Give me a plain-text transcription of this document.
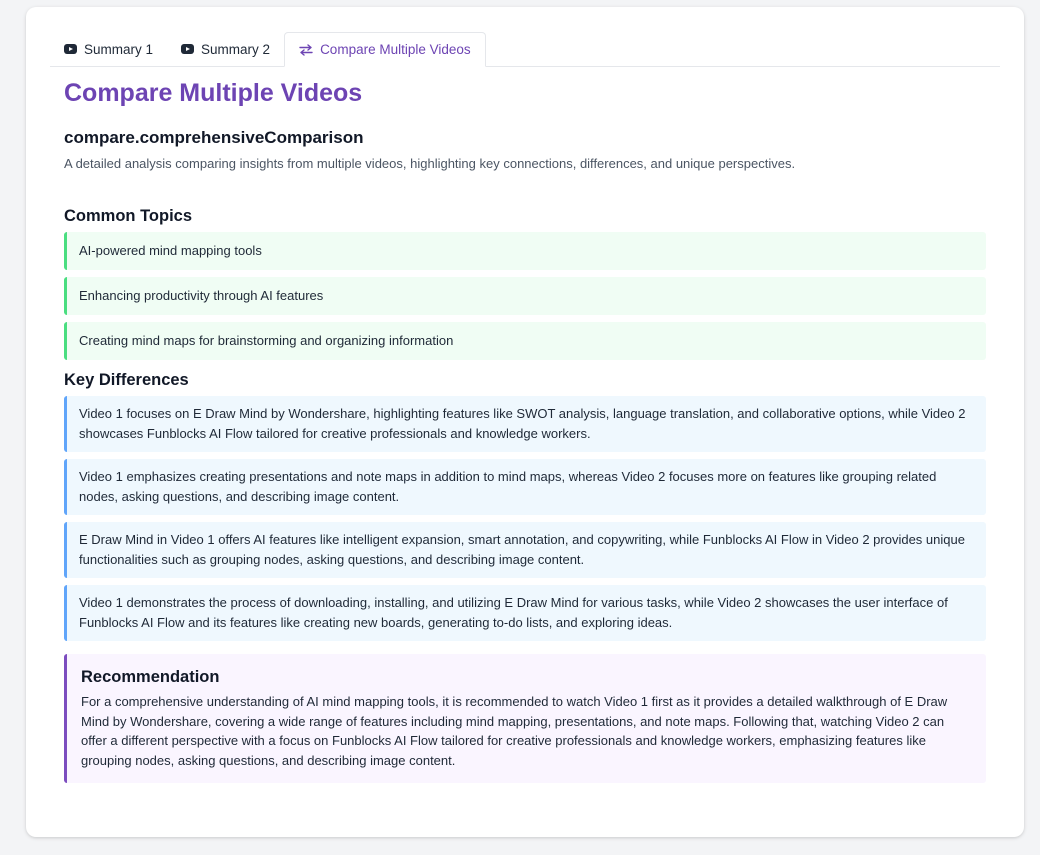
Summary 1	Summary 2	Compare Multiple Videos
Compare Multiple Videos
compare.comprehensiveComparison
A detailed analysis comparing insights from multiple videos, highlighting key connections, differences, and unique perspectives.
Common Topics
AI-powered mind mapping tools
Enhancing productivity through AI features
Creating mind maps for brainstorming and organizing information
Key Differences
Video 1 focuses on E Draw Mind by Wondershare, highlighting features like SWOT analysis, language translation, and collaborative options, while Video 2 showcases Funblocks AI Flow tailored for creative professionals and knowledge workers.
Video 1 emphasizes creating presentations and note maps in addition to mind maps, whereas Video 2 focuses more on features like grouping related nodes, asking questions, and describing image content.
E Draw Mind in Video 1 offers AI features like intelligent expansion, smart annotation, and copywriting, while Funblocks AI Flow in Video 2 provides unique functionalities such as grouping nodes, asking questions, and describing image content.
Video 1 demonstrates the process of downloading, installing, and utilizing E Draw Mind for various tasks, while Video 2 showcases the user interface of Funblocks AI Flow and its features like creating new boards, generating to-do lists, and exploring ideas.
Recommendation
For a comprehensive understanding of AI mind mapping tools, it is recommended to watch Video 1 first as it provides a detailed walkthrough of E Draw Mind by Wondershare, covering a wide range of features including mind mapping, presentations, and note maps. Following that, watching Video 2 can offer a different perspective with a focus on Funblocks AI Flow tailored for creative professionals and knowledge workers, emphasizing features like grouping nodes, asking questions, and describing image content.
